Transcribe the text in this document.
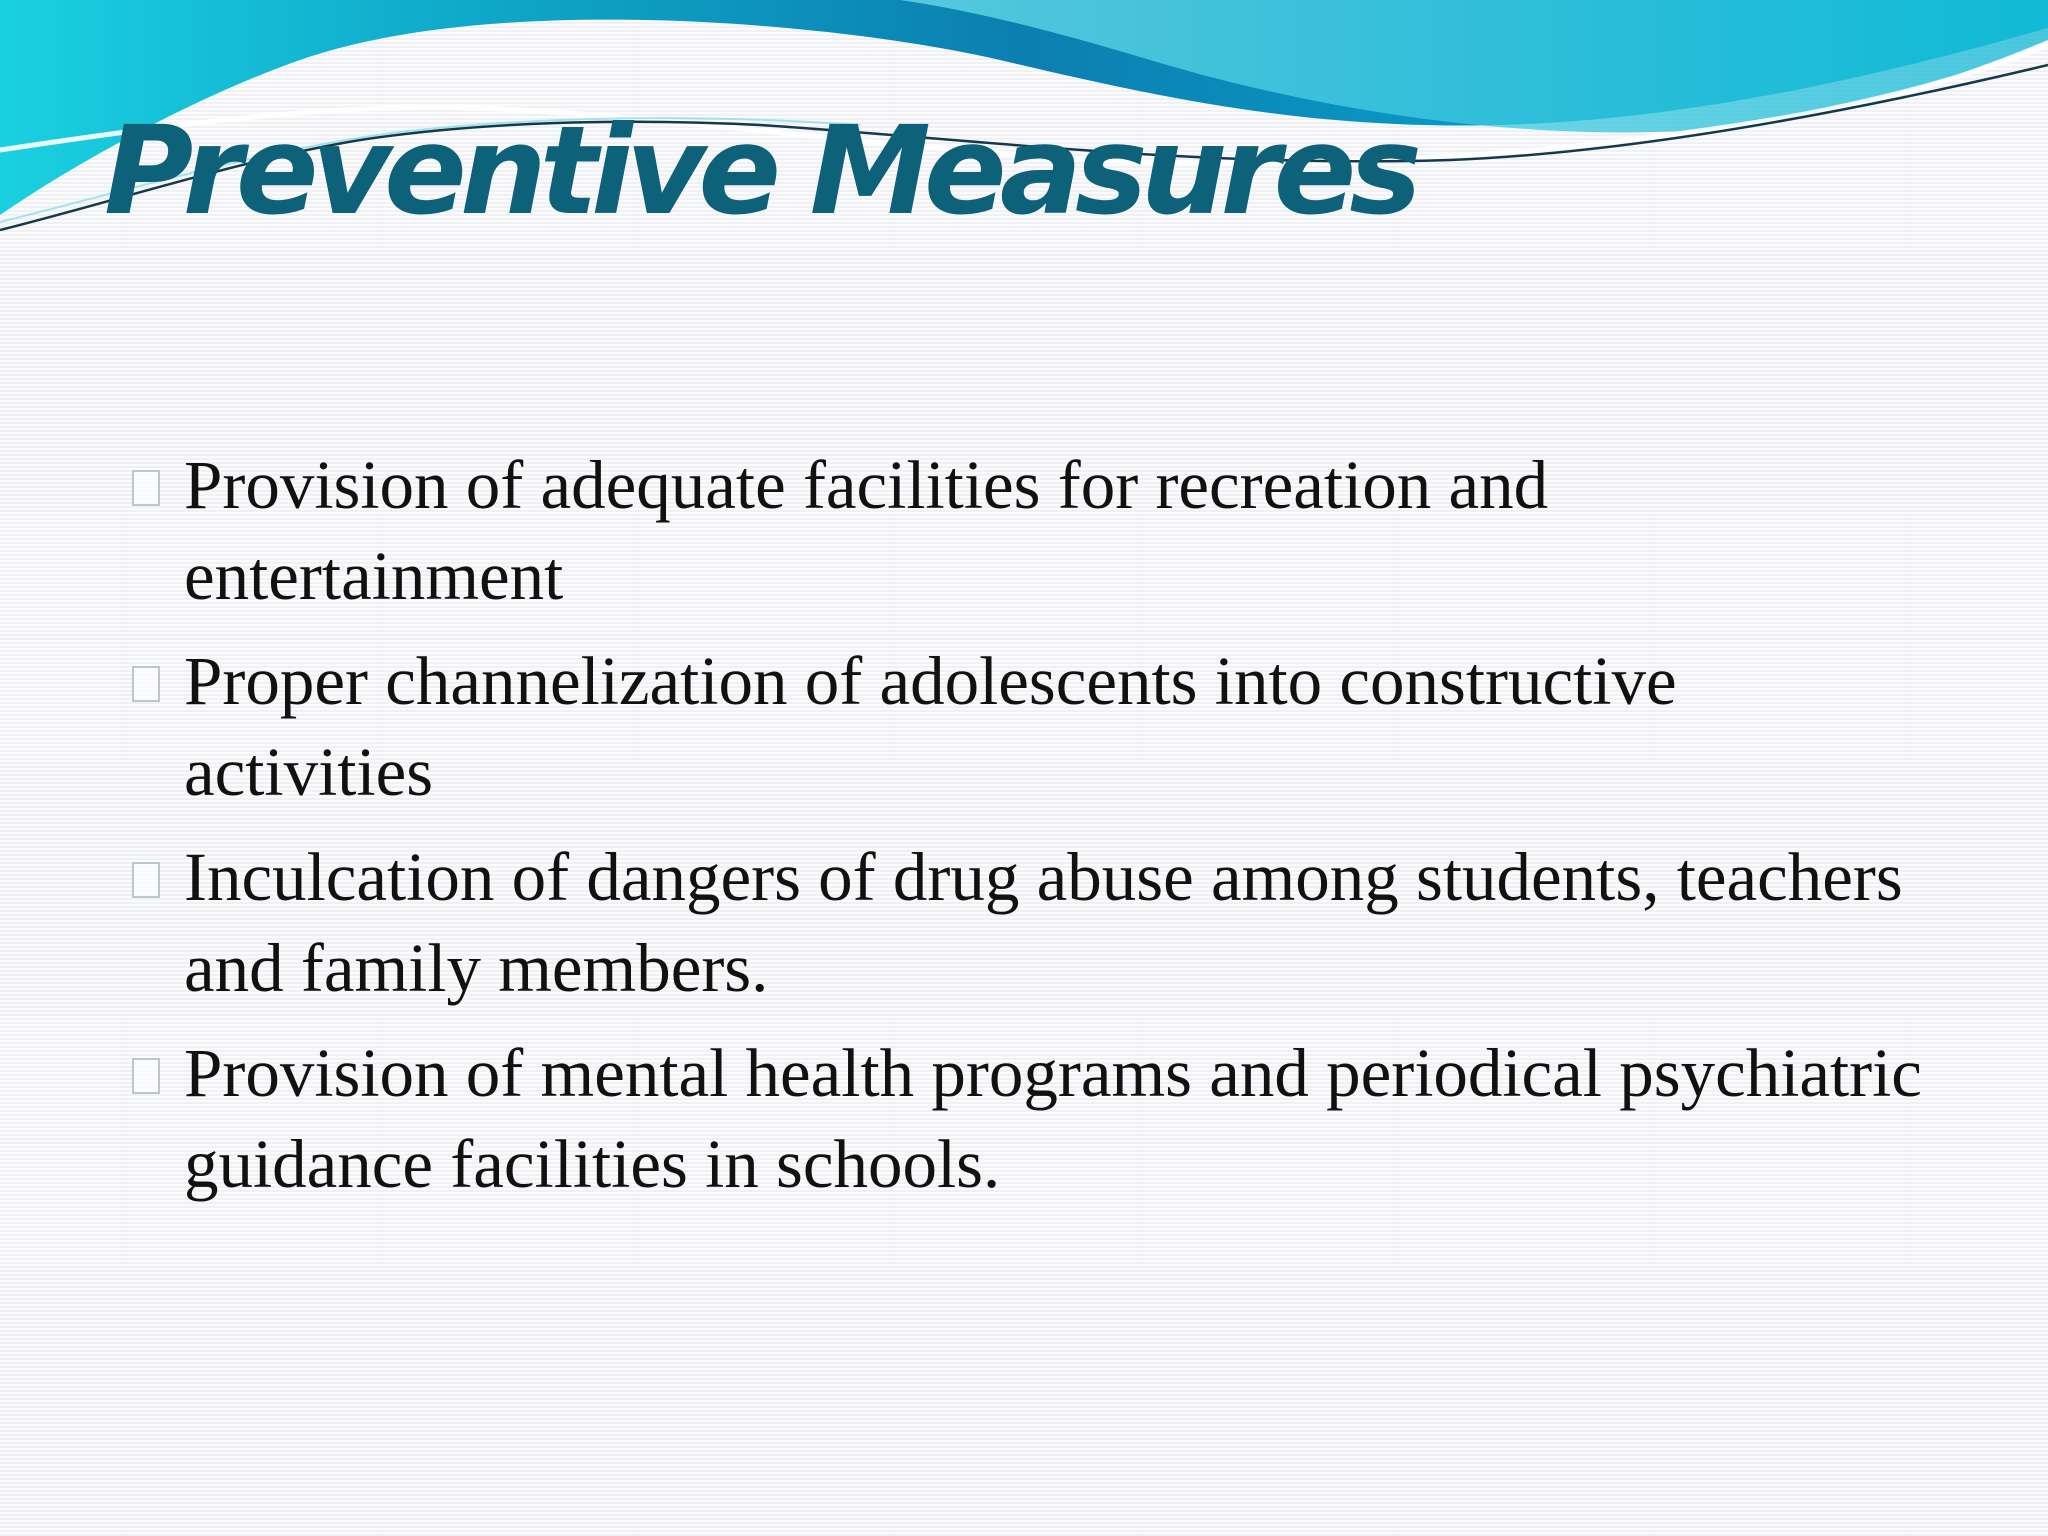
Preventive Measures
Provision of adequate facilities for recreation and entertainment
Proper channelization of adolescents into constructive activities
Inculcation of dangers of drug abuse among students, teachers and family members.
Provision of mental health programs and periodical psychiatric guidance facilities in schools.
